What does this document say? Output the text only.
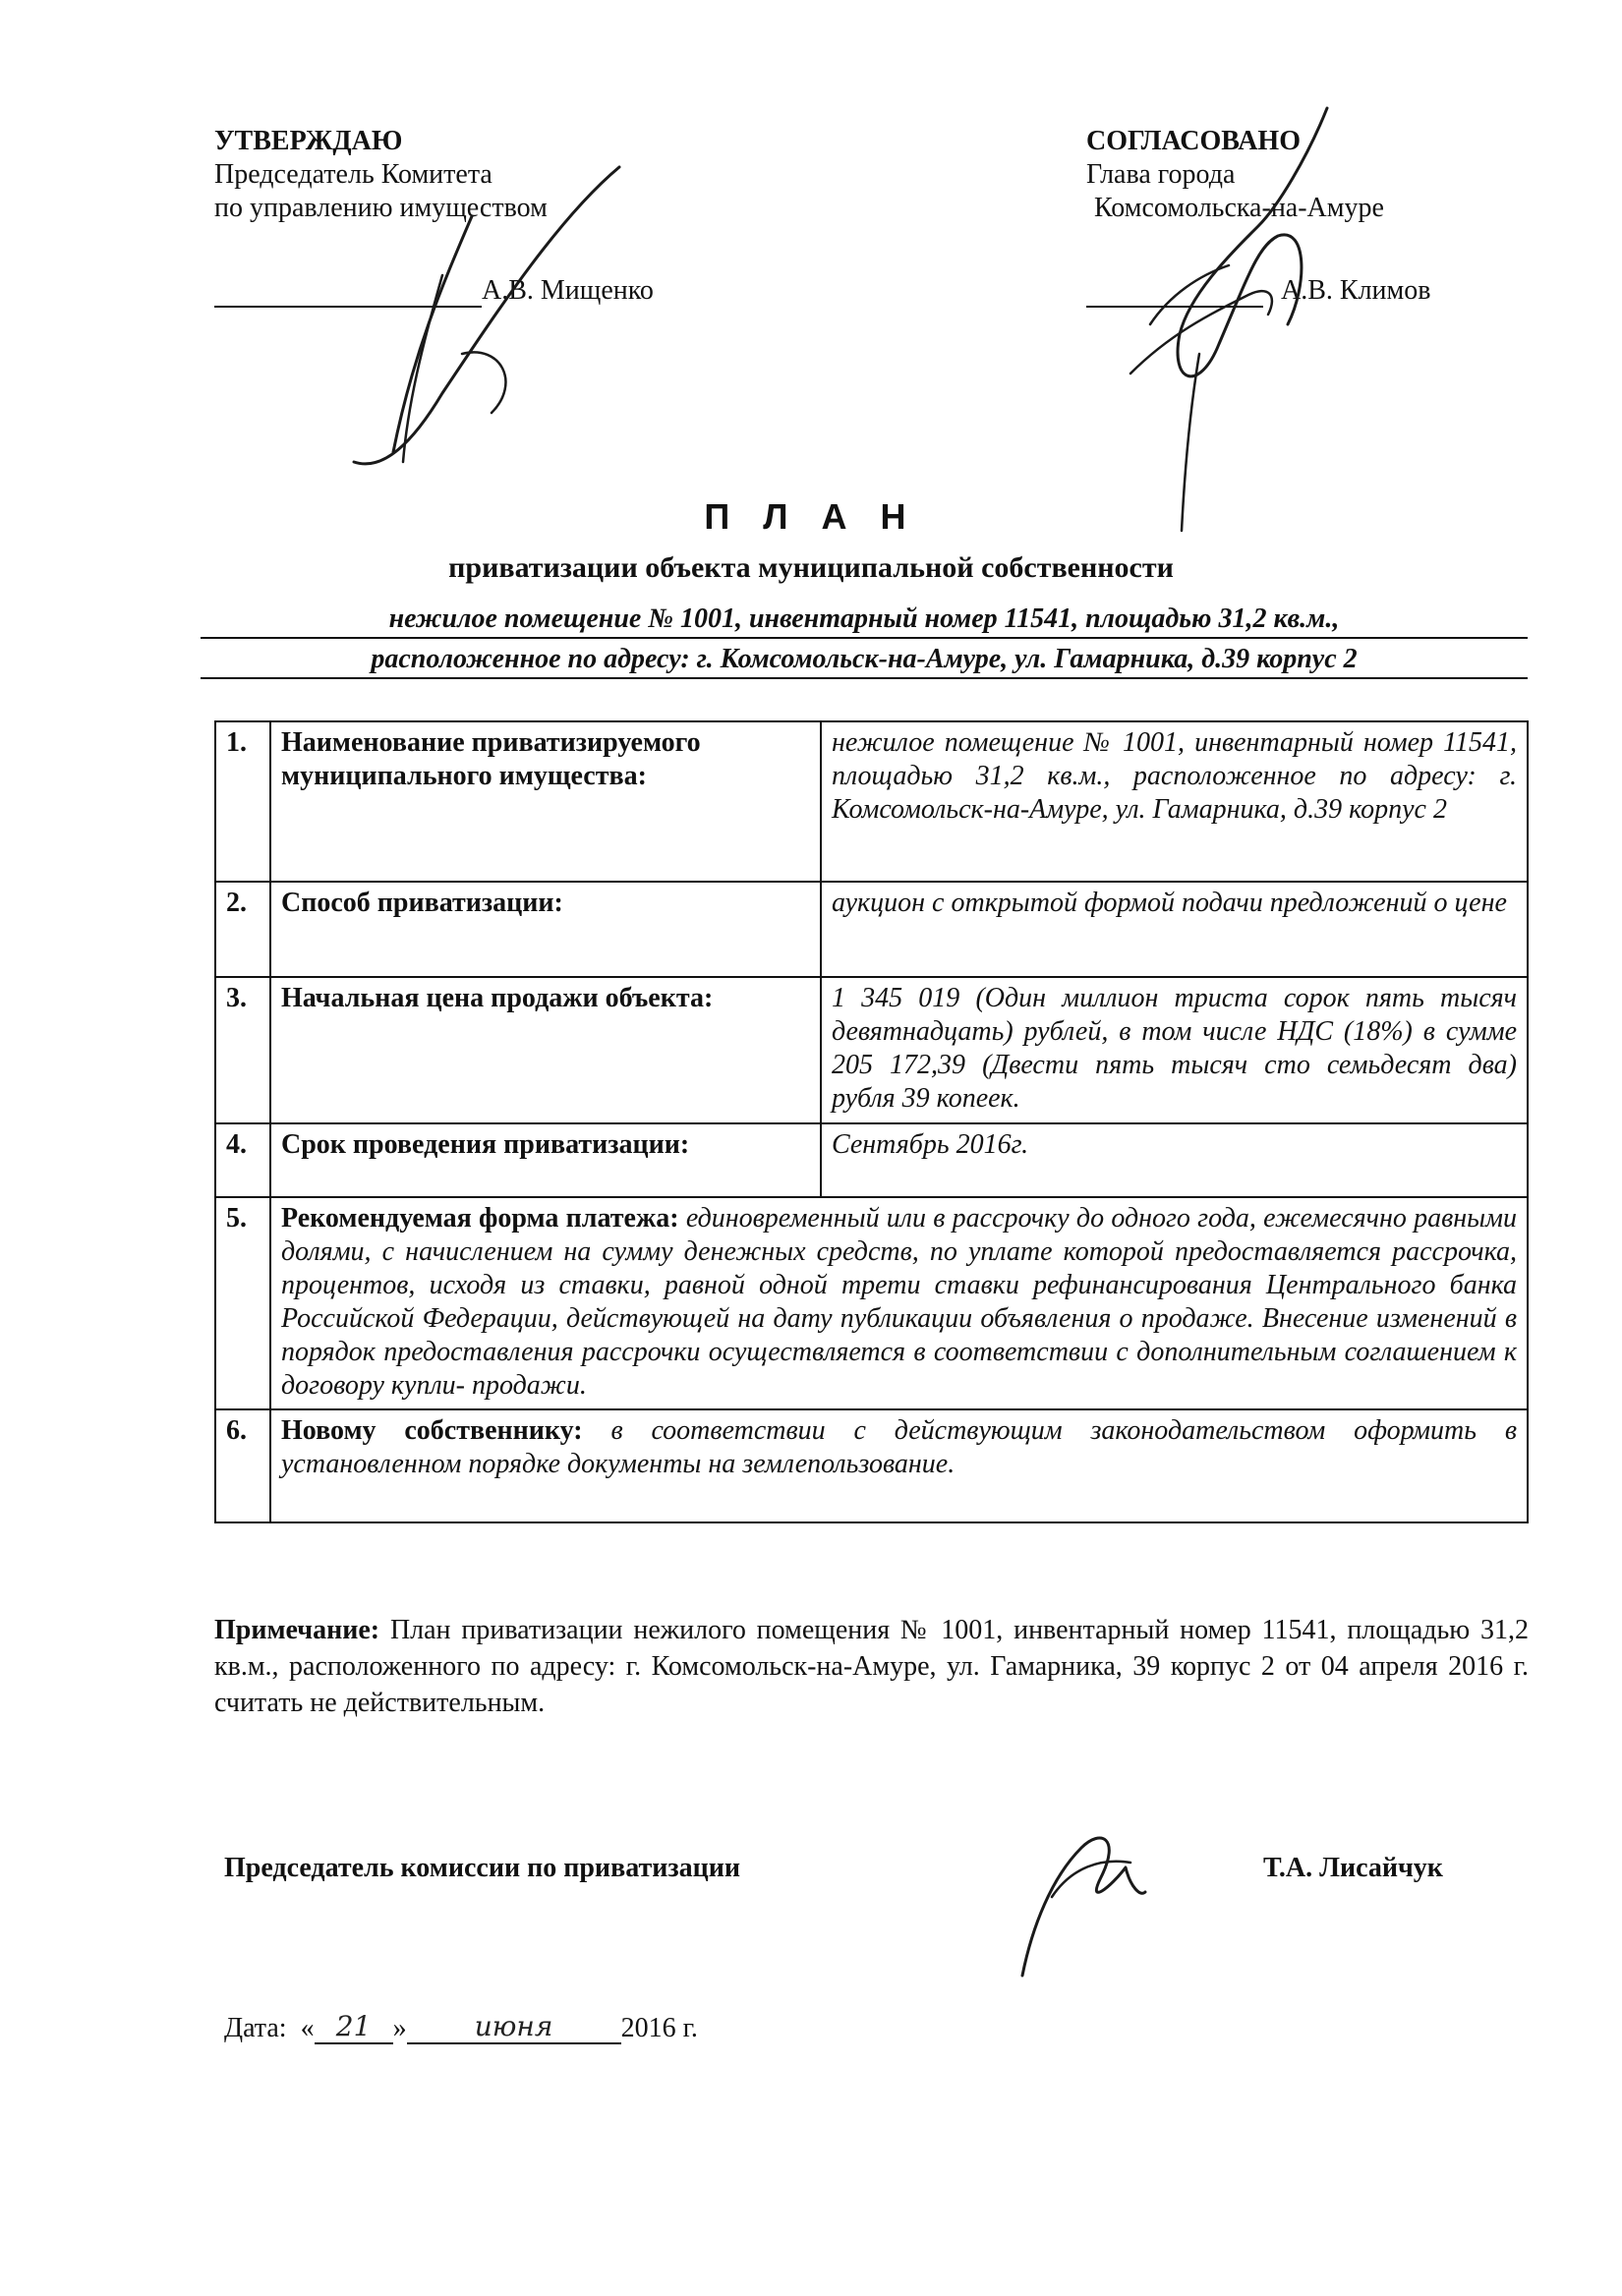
УТВЕРЖДАЮ
Председатель Комитета
по управлению имуществом
А.В. Мищенко
СОГЛАСОВАНО
Глава города
Комсомольска-на-Амуре
А.В. Климов
П Л А Н
приватизации объекта муниципальной собственности
нежилое помещение № 1001, инвентарный номер 11541, площадью 31,2 кв.м.,
расположенное по адресу: г. Комсомольск-на-Амуре, ул. Гамарника, д.39 корпус 2
1.	Наименование приватизируемого муниципального имущества:	нежилое помещение № 1001, инвентарный номер 11541, площадью 31,2 кв.м., расположенное по адресу: г. Комсомольск-на-Амуре, ул. Гамарника, д.39 корпус 2
2.	Способ приватизации:	аукцион с открытой формой подачи предложений о цене
3.	Начальная цена продажи объекта:	1 345 019 (Один миллион триста сорок пять тысяч девятнадцать) рублей, в том числе НДС (18%) в сумме 205 172,39 (Двести пять тысяч сто семьдесят два) рубля 39 копеек.
4.	Срок проведения приватизации:	Сентябрь 2016г.
5.	Рекомендуемая форма платежа: единовременный или в рассрочку до одного года, ежемесячно равными долями, с начислением на сумму денежных средств, по уплате которой предоставляется рассрочка, процентов, исходя из ставки, равной одной трети ставки рефинансирования Центрального банка Российской Федерации, действующей на дату публикации объявления о продаже. Внесение изменений в порядок предоставления рассрочки осуществляется в соответствии с дополнительным соглашением к договору купли- продажи.	
6.	Новому собственнику: в соответствии с действующим законодательством оформить в установленном порядке документы на землепользование.	
Примечание: План приватизации нежилого помещения № 1001, инвентарный номер 11541, площадью 31,2 кв.м., расположенного по адресу: г. Комсомольск-на-Амуре, ул. Гамарника, 39 корпус 2 от 04 апреля 2016 г. считать не действительным.
Председатель комиссии по приватизации	Т.А. Лисайчук
Дата: « 21 »	июня	2016 г.
